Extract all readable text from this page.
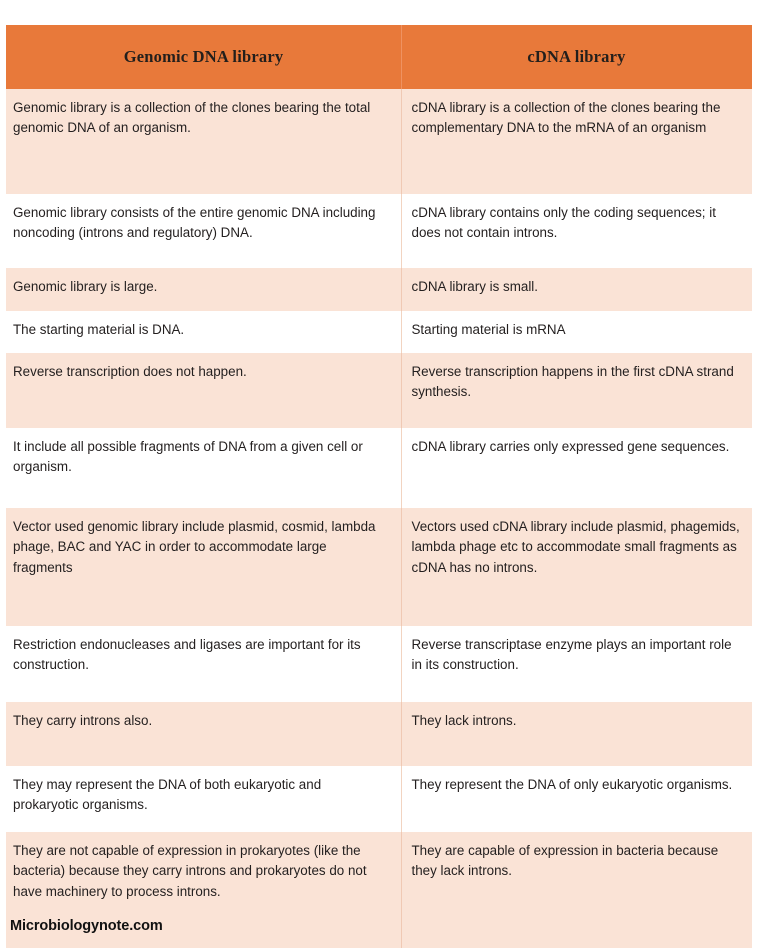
Genomic DNA library	cDNA library
Genomic library is a collection of the clones bearing the total genomic DNA of an organism.	cDNA library is a collection of the clones bearing the complementary DNA to the mRNA of an organism
Genomic library consists of the entire genomic DNA including noncoding (introns and regulatory) DNA.	cDNA library contains only the coding sequences; it does not contain introns.
Genomic library is large.	cDNA library is small.
The starting material is DNA.	Starting material is mRNA
Reverse transcription does not happen.	Reverse transcription happens in the first cDNA strand synthesis.
It include all possible fragments of DNA from a given cell or organism.	cDNA library carries only expressed gene sequences.
Vector used genomic library include plasmid, cosmid, lambda phage, BAC and YAC in order to accommodate large fragments	Vectors used cDNA library include plasmid, phagemids, lambda phage etc to accommodate small fragments as cDNA has no introns.
Restriction endonucleases and ligases are important for its construction.	Reverse transcriptase enzyme plays an important role in its construction.
They carry introns also.	They lack introns.
They may represent the DNA of both eukaryotic and prokaryotic organisms.	They represent the DNA of only eukaryotic organisms.
They are not capable of expression in prokaryotes (like the bacteria) because they carry introns and prokaryotes do not have machinery to process introns.	They are capable of expression in bacteria because they lack introns.
Microbiologynote.com
